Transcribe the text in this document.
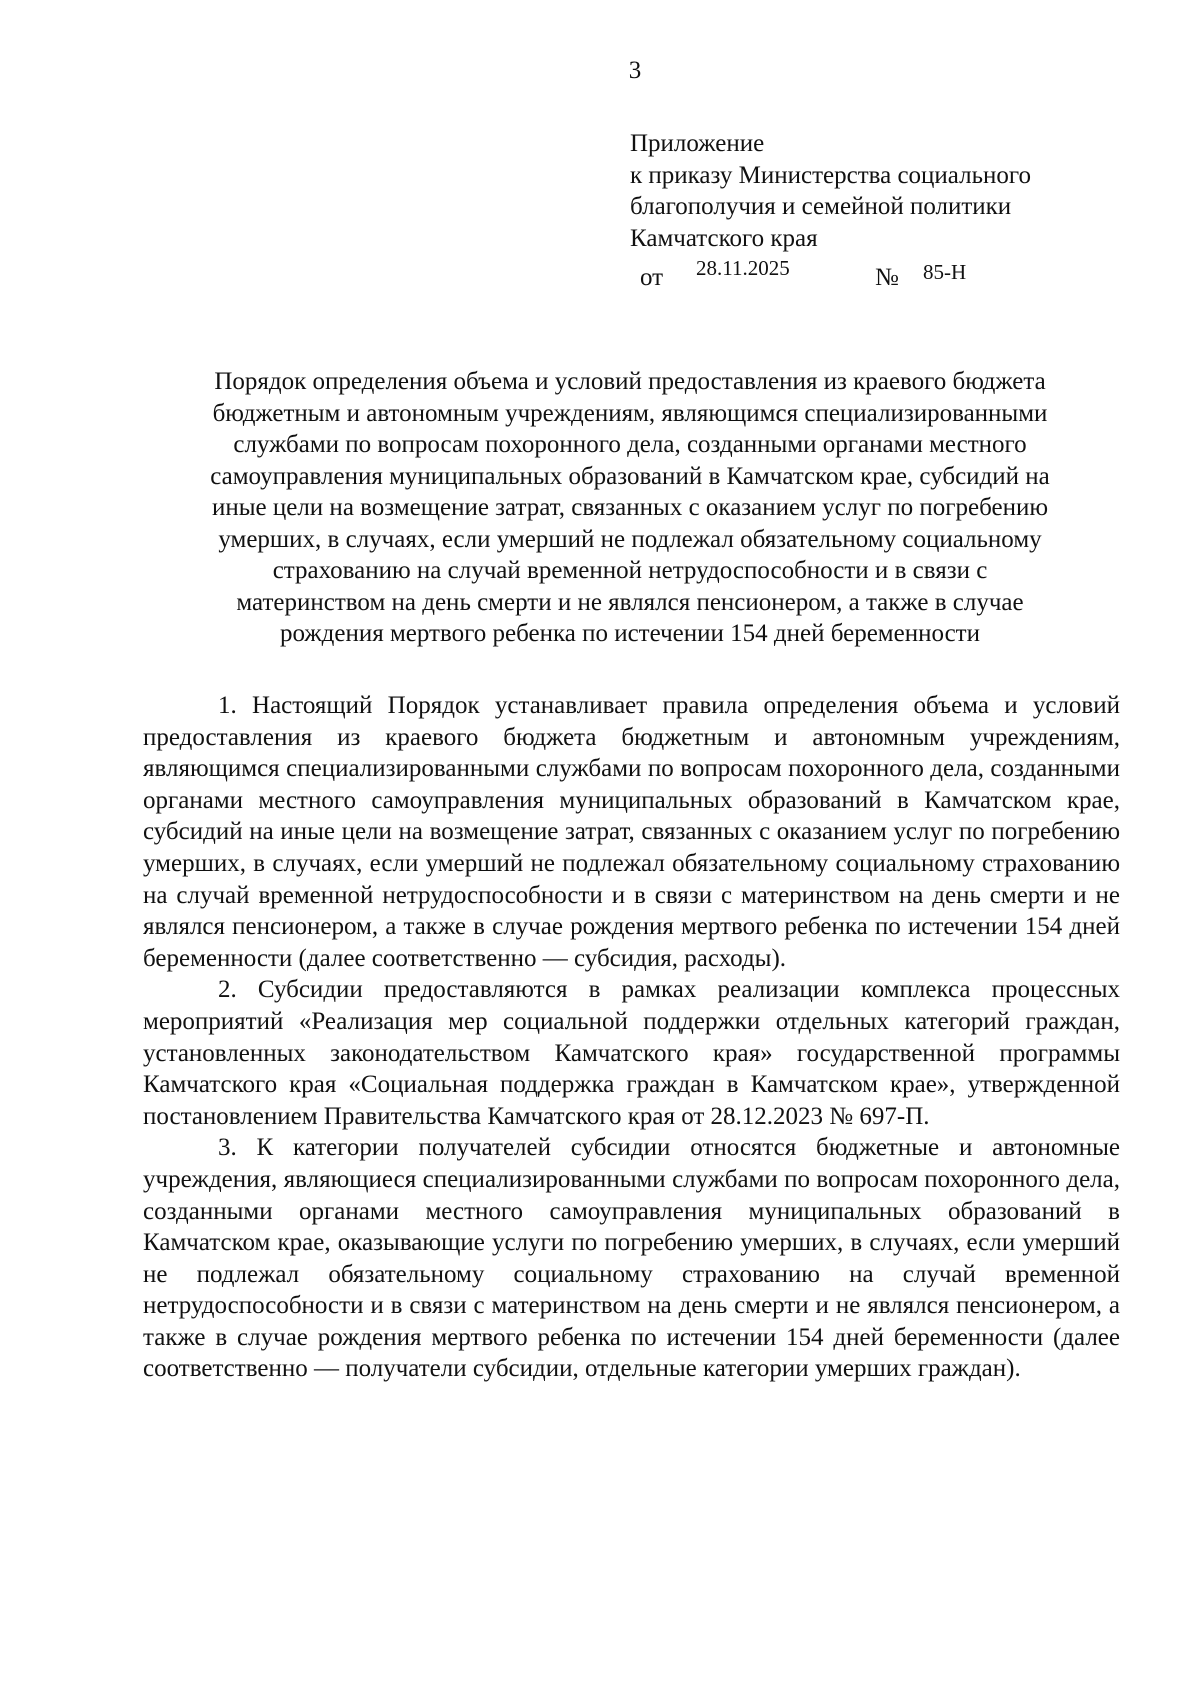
3
Приложение
к приказу Министерства социального
благополучия и семейной политики
Камчатского края
от 28.11.2025	№ 85-Н
Порядок определения объема и условий предоставления из краевого бюджета
бюджетным и автономным учреждениям, являющимся специализированными
службами по вопросам похоронного дела, созданными органами местного
самоуправления муниципальных образований в Камчатском крае, субсидий на
иные цели на возмещение затрат, связанных с оказанием услуг по погребению
умерших, в случаях, если умерший не подлежал обязательному социальному
страхованию на случай временной нетрудоспособности и в связи с
материнством на день смерти и не являлся пенсионером, а также в случае
рождения мертвого ребенка по истечении 154 дней беременности

1. Настоящий Порядок устанавливает правила определения объема и условий предоставления из краевого бюджета бюджетным и автономным учреждениям, являющимся специализированными службами по вопросам похоронного дела, созданными органами местного самоуправления муниципальных образований в Камчатском крае, субсидий на иные цели на возмещение затрат, связанных с оказанием услуг по погребению умерших, в случаях, если умерший не подлежал обязательному социальному страхованию на случай временной нетрудоспособности и в связи с материнством на день смерти и не являлся пенсионером, а также в случае рождения мертвого ребенка по истечении 154 дней беременности (далее соответственно — субсидия, расходы).

2. Субсидии предоставляются в рамках реализации комплекса процессных мероприятий «Реализация мер социальной поддержки отдельных категорий граждан, установленных законодательством Камчатского края» государственной программы Камчатского края «Социальная поддержка граждан в Камчатском крае», утвержденной постановлением Правительства Камчатского края от 28.12.2023 № 697-П.

3. К категории получателей субсидии относятся бюджетные и автономные учреждения, являющиеся специализированными службами по вопросам похоронного дела, созданными органами местного самоуправления муниципальных образований в Камчатском крае, оказывающие услуги по погребению умерших, в случаях, если умерший не подлежал обязательному социальному страхованию на случай временной нетрудоспособности и в связи с материнством на день смерти и не являлся пенсионером, а также в случае рождения мертвого ребенка по истечении 154 дней беременности (далее соответственно — получатели субсидии, отдельные категории умерших граждан).
